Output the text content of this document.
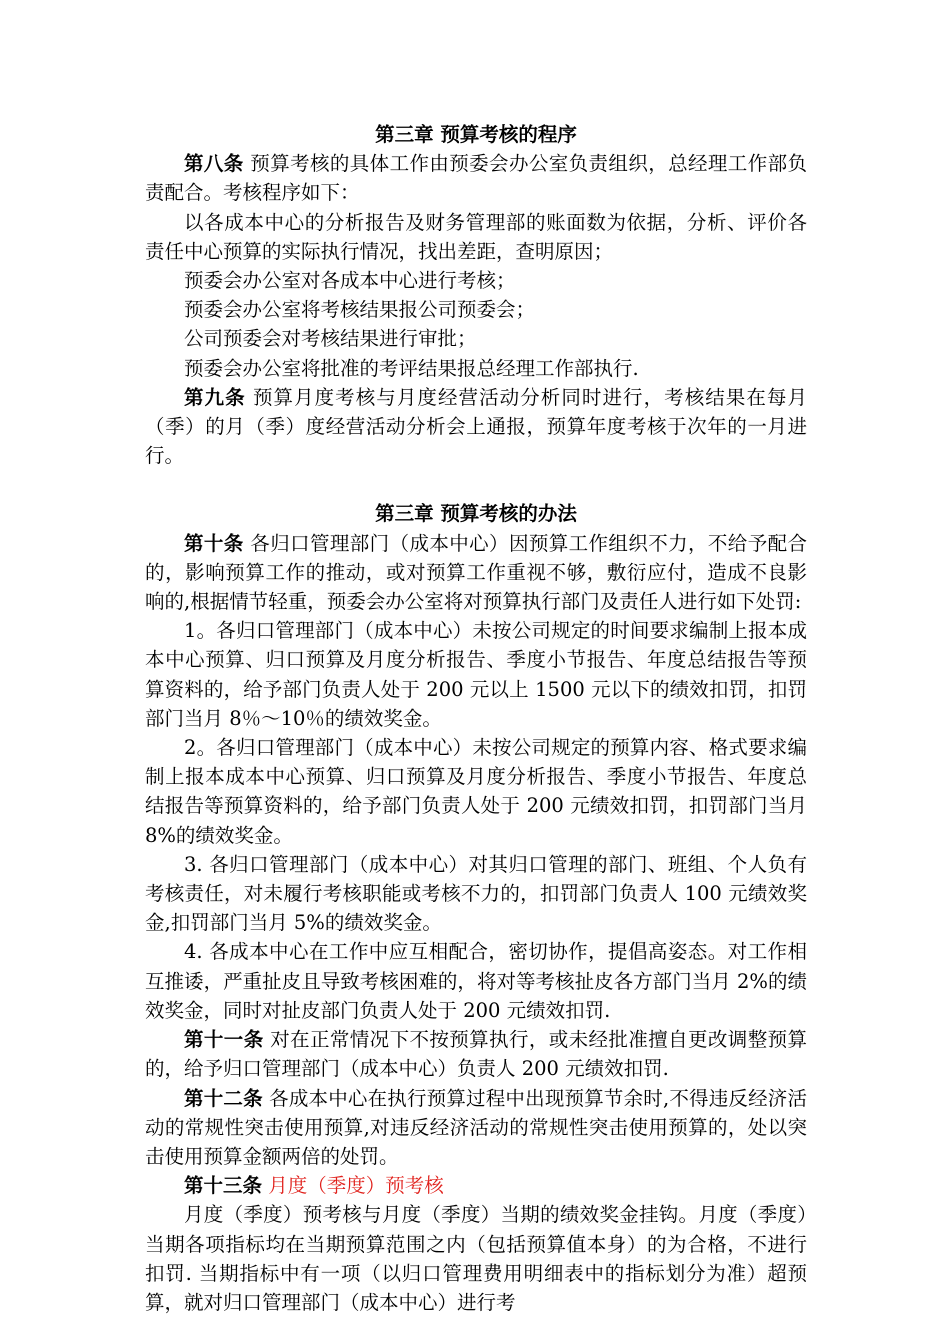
第三章 预算考核的程序

第八条 预算考核的具体工作由预委会办公室负责组织，总经理工作部负责配合。考核程序如下：

以各成本中心的分析报告及财务管理部的账面数为依据，分析、评价各责任中心预算的实际执行情况，找出差距，查明原因；

预委会办公室对各成本中心进行考核；

预委会办公室将考核结果报公司预委会；

公司预委会对考核结果进行审批；

预委会办公室将批准的考评结果报总经理工作部执行.

第九条 预算月度考核与月度经营活动分析同时进行，考核结果在每月（季）的月（季）度经营活动分析会上通报，预算年度考核于次年的一月进行。

第三章 预算考核的办法

第十条 各归口管理部门（成本中心）因预算工作组织不力，不给予配合的，影响预算工作的推动，或对预算工作重视不够，敷衍应付，造成不良影响的,根据情节轻重，预委会办公室将对预算执行部门及责任人进行如下处罚:

1。各归口管理部门（成本中心）未按公司规定的时间要求编制上报本成本中心预算、归口预算及月度分析报告、季度小节报告、年度总结报告等预算资料的，给予部门负责人处于 200 元以上 1500 元以下的绩效扣罚，扣罚部门当月 8％～10％的绩效奖金。

2。各归口管理部门（成本中心）未按公司规定的预算内容、格式要求编制上报本成本中心预算、归口预算及月度分析报告、季度小节报告、年度总结报告等预算资料的，给予部门负责人处于 200 元绩效扣罚，扣罚部门当月 8%的绩效奖金。

3. 各归口管理部门（成本中心）对其归口管理的部门、班组、个人负有考核责任，对未履行考核职能或考核不力的，扣罚部门负责人 100 元绩效奖金,扣罚部门当月 5%的绩效奖金。

4. 各成本中心在工作中应互相配合，密切协作，提倡高姿态。对工作相互推诿，严重扯皮且导致考核困难的，将对等考核扯皮各方部门当月 2%的绩效奖金，同时对扯皮部门负责人处于 200 元绩效扣罚.

第十一条 对在正常情况下不按预算执行，或未经批准擅自更改调整预算的，给予归口管理部门（成本中心）负责人 200 元绩效扣罚.

第十二条 各成本中心在执行预算过程中出现预算节余时,不得违反经济活动的常规性突击使用预算,对违反经济活动的常规性突击使用预算的，处以突击使用预算金额两倍的处罚。

第十三条 月度（季度）预考核

月度（季度）预考核与月度（季度）当期的绩效奖金挂钩。月度（季度）当期各项指标均在当期预算范围之内（包括预算值本身）的为合格，不进行扣罚. 当期指标中有一项（以归口管理费用明细表中的指标划分为准）超预算，就对归口管理部门（成本中心）进行考
